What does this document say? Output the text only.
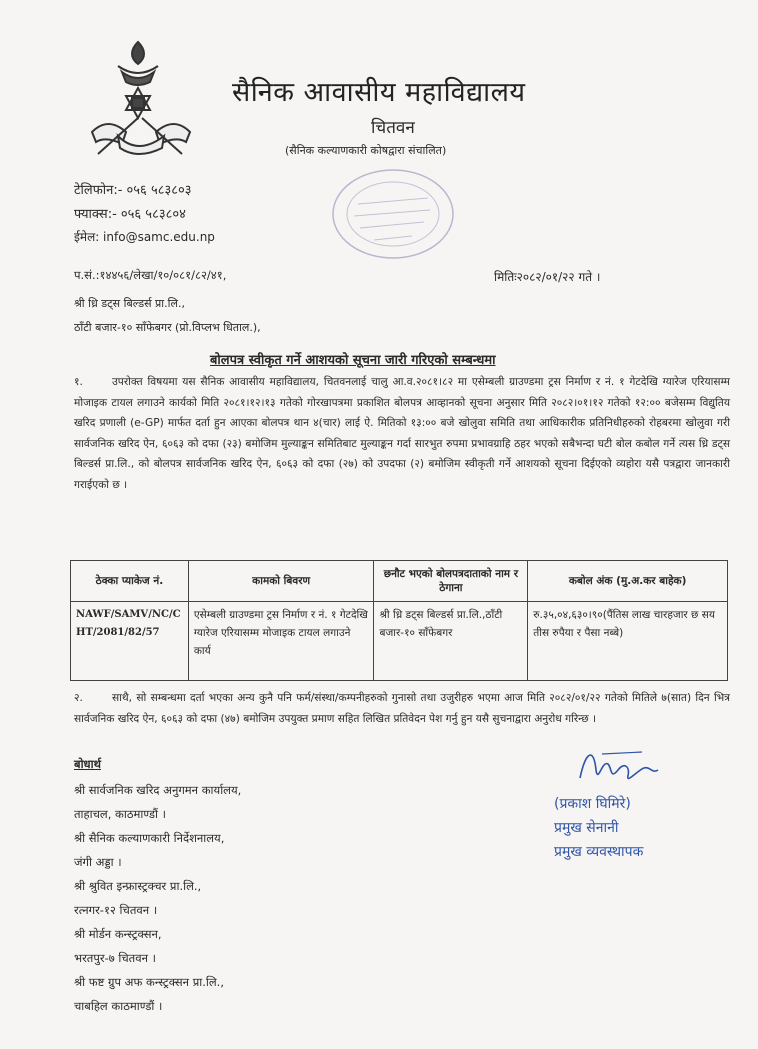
सैनिक आवासीय महाविद्यालय
चितवन
(सैनिक कल्याणकारी कोषद्वारा संचालित)
टेलिफोन:- ०५६ ५८३८०३
फ्याक्स:- ०५६ ५८३८०४
ईमेल: info@samc.edu.np
प.सं.:१४४५६/लेखा/१०/०८१/८२/४१,	मितिः२०८२/०१/२२ गते ।
श्री ध्रि डट्स बिल्डर्स प्रा.लि.,
ठाँटी बजार-१० साँफेबगर (प्रो.विप्लभ धिताल.),
बोलपत्र स्वीकृत गर्ने आशयको सूचना जारी गरिएको सम्बन्धमा
१.	उपरोक्त विषयमा यस सैनिक आवासीय महाविद्यालय, चितवनलाई चालु आ.व.२०८१।८२ मा एसेम्बली ग्राउण्डमा ट्रस निर्माण र नं. १ गेटदेखि ग्यारेज एरियासम्म मोजाइक टायल लगाउने कार्यको मिति २०८१।१२।१३ गतेको गोरखापत्रमा प्रकाशित बोलपत्र आव्हानको सूचना अनुसार मिति २०८२।०१।१२ गतेको १२:०० बजेसम्म विद्युतिय खरिद प्रणाली (e-GP) मार्फत दर्ता हुन आएका बोलपत्र थान ४(चार) लाई ऐ. मितिको १३:०० बजे खोलुवा समिति तथा आधिकारीक प्रतिनिधीहरुको रोहबरमा खोलुवा गरी सार्वजनिक खरिद ऐन, ६०६३ को दफा (२३) बमोजिम मुल्याङ्कन समितिबाट मुल्याङ्कन गर्दा सारभुत रुपमा प्रभावग्राहि ठहर भएको सबैभन्दा घटी बोल कबोल गर्ने त्यस ध्रि डट्स बिल्डर्स प्रा.लि., को बोलपत्र सार्वजनिक खरिद ऐन, ६०६३ को दफा (२७) को उपदफा (२) बमोजिम स्वीकृती गर्ने आशयको सूचना दिईएको व्यहोरा यसै पत्रद्वारा जानकारी गराईएको छ ।
ठेक्का प्याकेज नं.	कामको बिवरण	छनौट भएको बोलपत्रदाताको नाम र ठेगाना	कबोल अंक (मु.अ.कर बाहेक)
NAWF/SAMV/NC/CHT/2081/82/57	एसेम्बली ग्राउण्डमा ट्रस निर्माण र नं. १ गेटदेखि ग्यारेज एरियासम्म मोजाइक टायल लगाउने कार्य	श्री ध्रि डट्स बिल्डर्स प्रा.लि.,ठाँटी बजार-१० साँफेबगर	रु.३५,०४,६३०।९०(पैंतिस लाख चारहजार छ सय तीस रुपैया र पैसा नब्बे)
२.	साथै, सो सम्बन्धमा दर्ता भएका अन्य कुनै पनि फर्म/संस्था/कम्पनीहरुको गुनासो तथा उजुरीहरु भएमा आज मिति २०८२/०१/२२ गतेको मितिले ७(सात) दिन भित्र सार्वजनिक खरिद ऐन, ६०६३ को दफा (४७) बमोजिम उपयुक्त प्रमाण सहित लिखित प्रतिवेदन पेश गर्नु हुन यसै सुचनाद्वारा अनुरोध गरिन्छ ।
बोधार्थ
श्री सार्वजनिक खरिद अनुगमन कार्यालय,
ताहाचल, काठमाण्डौं ।
श्री सैनिक कल्याणकारी निर्देशनालय,
जंगी अड्डा ।
श्री श्रुवित इन्फ्रास्ट्रक्चर प्रा.लि.,
रत्नगर-१२ चितवन ।
श्री मोर्डन कन्स्ट्रक्सन,
भरतपुर-७ चितवन ।
श्री फष्ट ग्रुप अफ कन्स्ट्रक्सन प्रा.लि.,
चाबहिल काठमाण्डौं ।
(प्रकाश घिमिरे)
प्रमुख सेनानी
प्रमुख व्यवस्थापक
